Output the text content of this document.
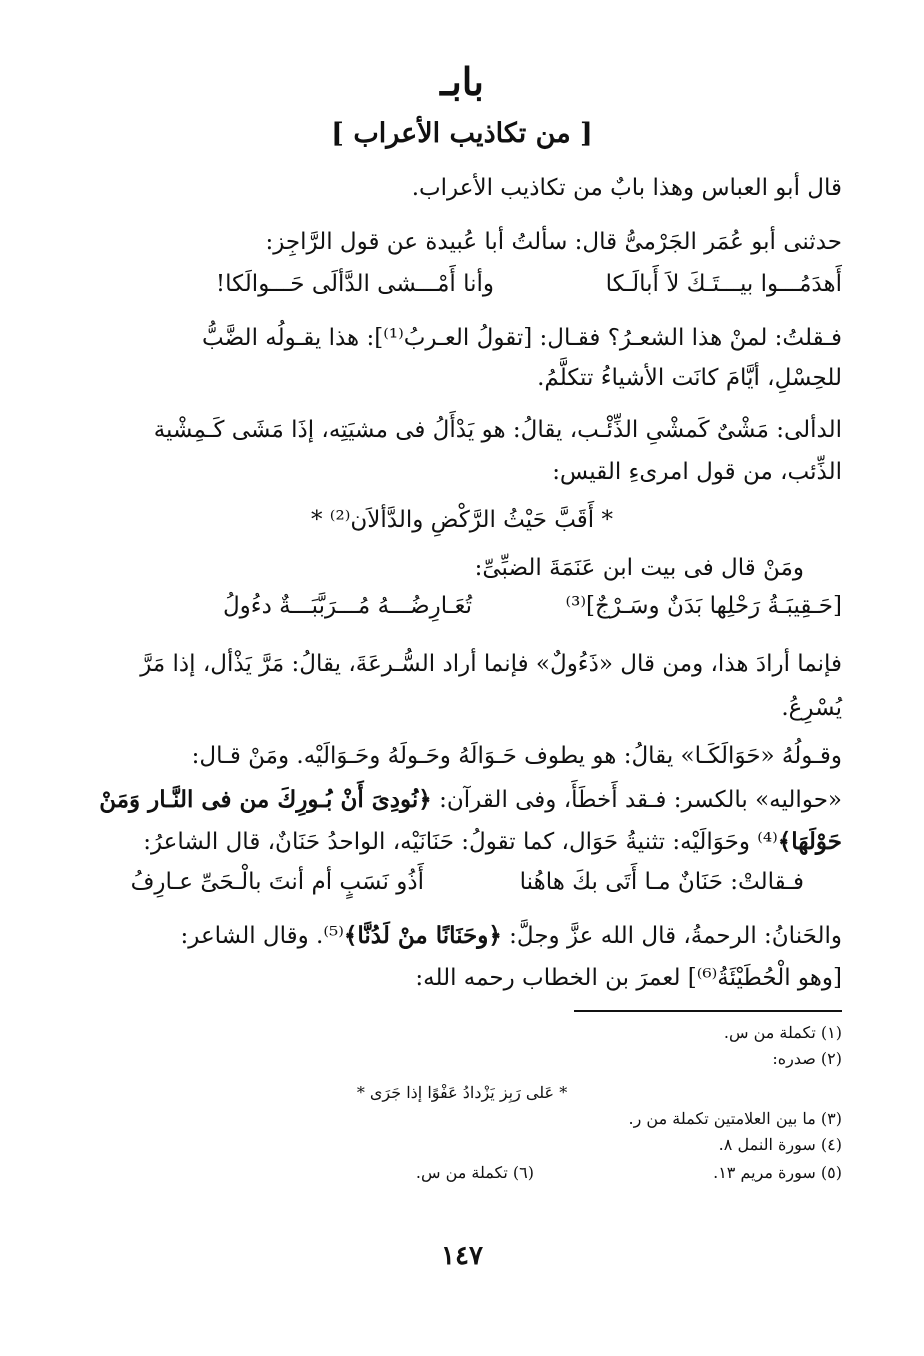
بابـ
[ من تكاذيب الأعراب ]
قال أبو العباس وهذا بابٌ من تكاذيب الأعراب.
حدثنى أبو عُمَر الجَرْمىُّ قال: سألتُ أبا عُبيدة عن قول الرَّاجِز:
أَهدَمُـــوا بيـــتَـكَ لاَ أَبالَـكا
وأنا أَمْـــشى الدَّألَى حَـــوالَكا!
فـقلتُ: لمنْ هذا الشعـرُ؟ فقـال: [تقولُ العـربُ⁽¹⁾]: هذا يقـولُه الضَّبُّ
للحِسْلِ، أيَّامَ كانَت الأشياءُ تتكلَّمُ.
الدألى: مَشْىٌ كَمشْىِ الذِّئْـب، يقالُ: هو يَدْأَلُ فى مشيَتِه، إذَا مَشَى كَـمِشْية
الذِّئب، من قول امرىءِ القيس:
* أَقَبَّ حَيْثُ الرَّكْضِ والدَّألاَن⁽²⁾ *
ومَنْ قال فى بيت ابن عَنَمَةَ الضبِّىِّ:
[حَـقِيبَـةُ رَحْلِها بَدَنٌ وسَـرْجٌ]⁽³⁾
تُعَـارِضُـــهُ مُـــرَبَّبَـــةٌ دءُولُ
فإنما أرادَ هذا، ومن قال «ذَءُولٌ» فإنما أراد السُّـرعَةَ، يقالُ: مَرَّ يَذْأل، إذا مَرَّ
يُسْرِعُ.
وقـولُهُ «حَوَالَكَـا» يقالُ: هو يطوف حَـوَالَهُ وحَـولَهُ وحَـوَالَيْه. ومَنْ قـال:
«حواليه» بالكسر: فـقد أَخطَأَ، وفى القرآن: ﴿نُودِىَ أَنْ بُـورِكَ من فى النَّـار وَمَنْ
حَوْلَهَا﴾⁽⁴⁾ وحَوَالَيْه: تثنيةُ حَوَال، كما تقولُ: حَنَانَيْه، الواحدُ حَنَانٌ، قال الشاعرُ:
فـقالتْ: حَنَانٌ مـا أَتَى بكَ هاهُنا
أَذُو نَسَبٍ أم أنتَ بالْـحَىِّ عـارِفُ
والحَنانُ: الرحمةُ، قال الله عزَّ وجلَّ: ﴿وحَنَانًا منْ لَدُنَّا﴾⁽⁵⁾. وقال الشاعر:
[وهو الْحُطَيْئَةُ⁽⁶⁾] لعمرَ بن الخطاب رحمه الله:
(١) تكملة من س.
(٢) صدره:
* عَلى رَبِز يَزْدادُ عَفْوًا إذا جَرَى *
(٣) ما بين العلامتين تكملة من ر.
(٤) سورة النمل ٨.
(٥) سورة مريم ١٣.
(٦) تكملة من س.
١٤٧
